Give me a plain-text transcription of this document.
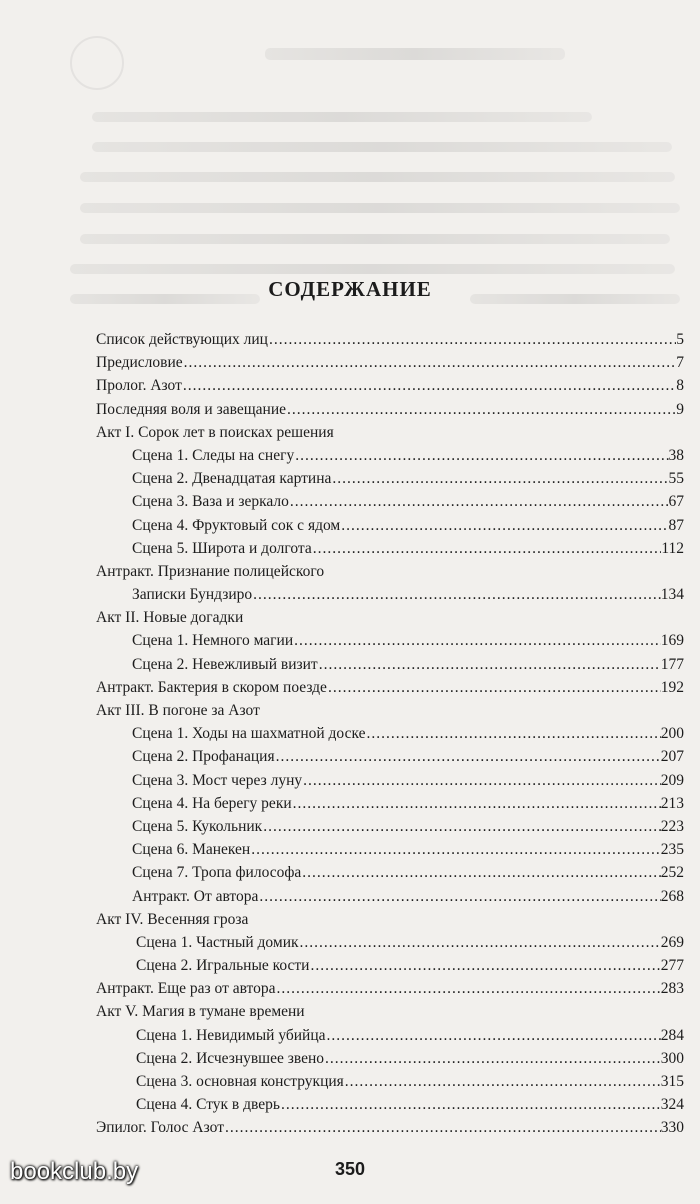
СОДЕРЖАНИЕ
Список действующих лиц .....	5
Предисловие .....	7
Пролог. Азот .....	8
Последняя воля и завещание .....	9
Акт I. Сорок лет в поисках решения
Сцена 1. Следы на снегу .....	38
Сцена 2. Двенадцатая картина .....	55
Сцена 3. Ваза и зеркало .....	67
Сцена 4. Фруктовый сок с ядом .....	87
Сцена 5. Широта и долгота .....	112
Антракт. Признание полицейского
Записки Бундзиро .....	134
Акт II. Новые догадки
Сцена 1. Немного магии .....	169
Сцена 2. Невежливый визит .....	177
Антракт. Бактерия в скором поезде .....	192
Акт III. В погоне за Азот
Сцена 1. Ходы на шахматной доске .....	200
Сцена 2. Профанация .....	207
Сцена 3. Мост через луну .....	209
Сцена 4. На берегу реки .....	213
Сцена 5. Кукольник .....	223
Сцена 6. Манекен .....	235
Сцена 7. Тропа философа .....	252
Антракт. От автора .....	268
Акт IV. Весенняя гроза
Сцена 1. Частный домик .....	269
Сцена 2. Игральные кости .....	277
Антракт. Еще раз от автора .....	283
Акт V. Магия в тумане времени
Сцена 1. Невидимый убийца .....	284
Сцена 2. Исчезнувшее звено .....	300
Сцена 3. основная конструкция .....	315
Сцена 4. Стук в дверь .....	324
Эпилог. Голос Азот .....	330
350
bookclub.by
